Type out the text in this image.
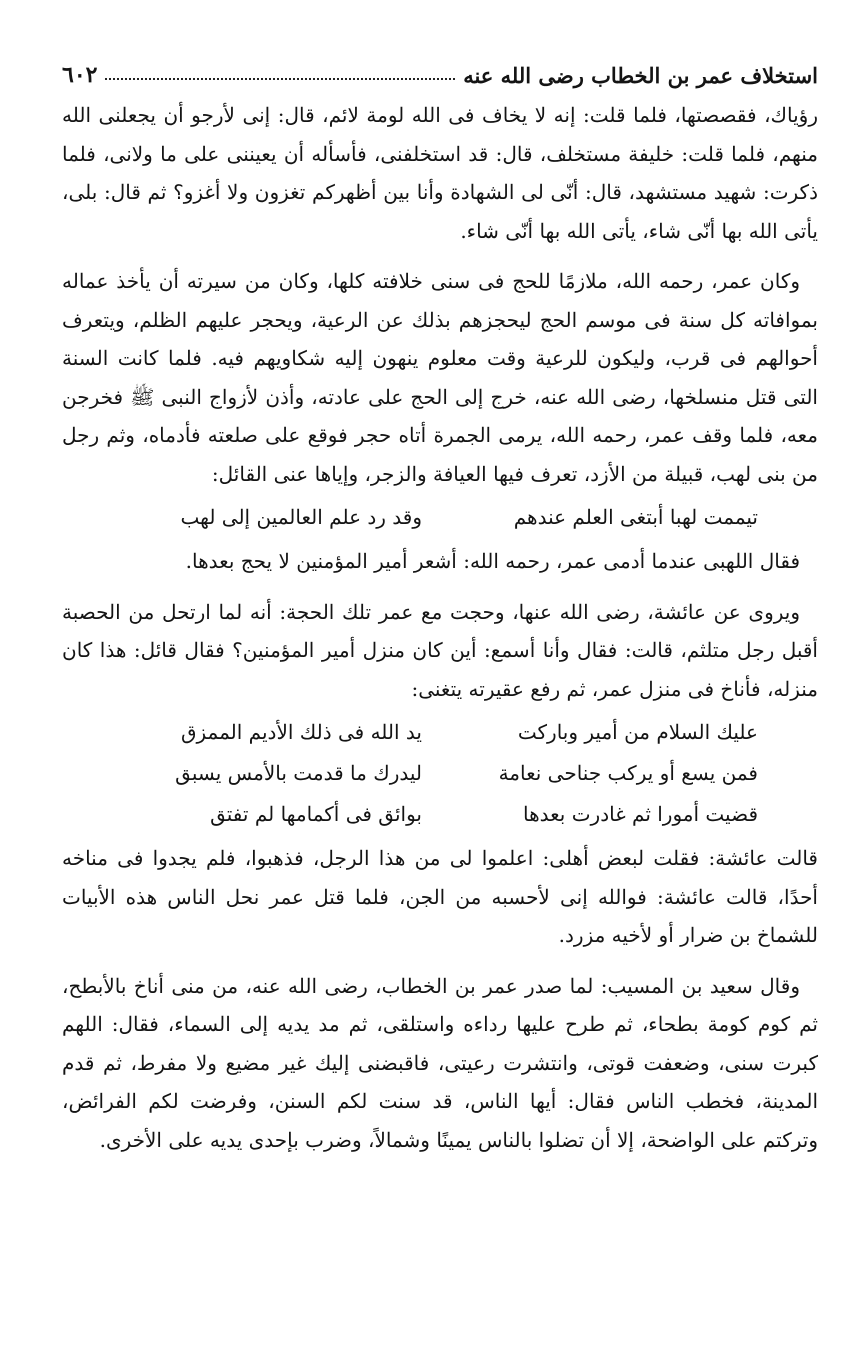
استخلاف عمر بن الخطاب رضى الله عنه
٦٠٢

رؤياك، فقصصتها، فلما قلت: إنه لا يخاف فى الله لومة لائم، قال: إنى لأرجو أن يجعلنى الله منهم، فلما قلت: خليفة مستخلف، قال: قد استخلفنى، فأسأله أن يعيننى على ما ولانى، فلما ذكرت: شهيد مستشهد، قال: أنّى لى الشهادة وأنا بين أظهركم تغزون ولا أغزو؟ ثم قال: بلى، يأتى الله بها أنّى شاء، يأتى الله بها أنّى شاء.

وكان عمر، رحمه الله، ملازمًا للحج فى سنى خلافته كلها، وكان من سيرته أن يأخذ عماله بموافاته كل سنة فى موسم الحج ليحجزهم بذلك عن الرعية، ويحجر عليهم الظلم، ويتعرف أحوالهم فى قرب، وليكون للرعية وقت معلوم ينهون إليه شكاويهم فيه. فلما كانت السنة التى قتل منسلخها، رضى الله عنه، خرج إلى الحج على عادته، وأذن لأزواج النبى ﷺ فخرجن معه، فلما وقف عمر، رحمه الله، يرمى الجمرة أتاه حجر فوقع على صلعته فأدماه، وثم رجل من بنى لهب، قبيلة من الأزد، تعرف فيها العيافة والزجر، وإياها عنى القائل:

تيممت لهبا أبتغى العلم عندهم
وقد رد علم العالمين إلى لهب

فقال اللهبى عندما أدمى عمر، رحمه الله: أشعر أمير المؤمنين لا يحج بعدها.

ويروى عن عائشة، رضى الله عنها، وحجت مع عمر تلك الحجة: أنه لما ارتحل من الحصبة أقبل رجل متلثم، قالت: فقال وأنا أسمع: أين كان منزل أمير المؤمنين؟ فقال قائل: هذا كان منزله، فأناخ فى منزل عمر، ثم رفع عقيرته يتغنى:

عليك السلام من أمير وباركت
يد الله فى ذلك الأديم الممزق
فمن يسع أو يركب جناحى نعامة
ليدرك ما قدمت بالأمس يسبق
قضيت أمورا ثم غادرت بعدها
بوائق فى أكمامها لم تفتق

قالت عائشة: فقلت لبعض أهلى: اعلموا لى من هذا الرجل، فذهبوا، فلم يجدوا فى مناخه أحدًا، قالت عائشة: فوالله إنى لأحسبه من الجن، فلما قتل عمر نحل الناس هذه الأبيات للشماخ بن ضرار أو لأخيه مزرد.

وقال سعيد بن المسيب: لما صدر عمر بن الخطاب، رضى الله عنه، من منى أناخ بالأبطح، ثم كوم كومة بطحاء، ثم طرح عليها رداءه واستلقى، ثم مد يديه إلى السماء، فقال: اللهم كبرت سنى، وضعفت قوتى، وانتشرت رعيتى، فاقبضنى إليك غير مضيع ولا مفرط، ثم قدم المدينة، فخطب الناس فقال: أيها الناس، قد سنت لكم السنن، وفرضت لكم الفرائض، وتركتم على الواضحة، إلا أن تضلوا بالناس يمينًا وشمالاً، وضرب بإحدى يديه على الأخرى.
